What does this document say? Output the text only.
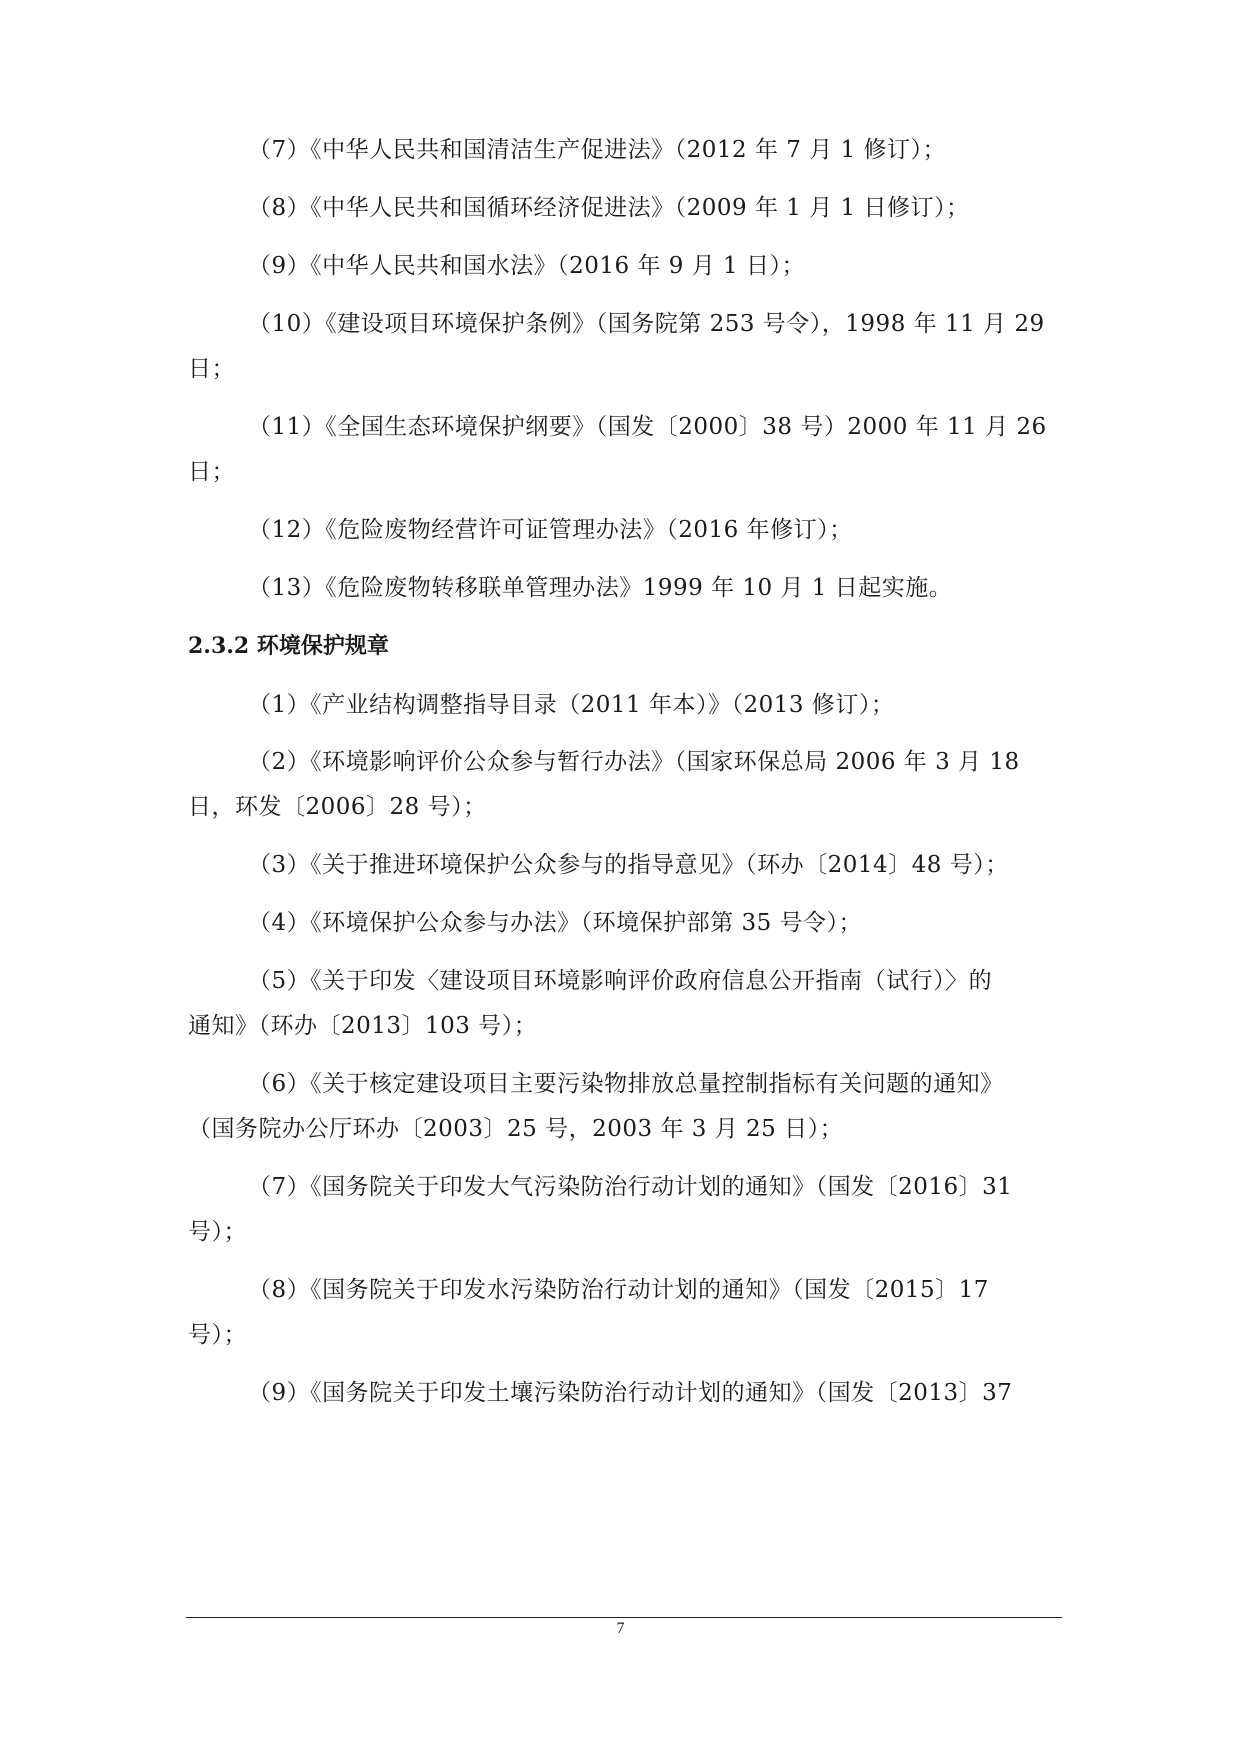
（7）《中华人民共和国清洁生产促进法》（2012 年 7 月 1 修订）；
（8）《中华人民共和国循环经济促进法》（2009 年 1 月 1 日修订）；
（9）《中华人民共和国水法》（2016 年 9 月 1 日）；
（10）《建设项目环境保护条例》（国务院第 253 号令），1998 年 11 月 29
日；
（11）《全国生态环境保护纲要》（国发〔2000〕38 号）2000 年 11 月 26
日；
（12）《危险废物经营许可证管理办法》（2016 年修订）；
（13）《危险废物转移联单管理办法》1999 年 10 月 1 日起实施。
2.3.2 环境保护规章
（1）《产业结构调整指导目录（2011 年本）》（2013 修订）；
（2）《环境影响评价公众参与暂行办法》（国家环保总局 2006 年 3 月 18
日，环发〔2006〕28 号）；
（3）《关于推进环境保护公众参与的指导意见》（环办〔2014〕48 号）；
（4）《环境保护公众参与办法》（环境保护部第 35 号令）；
（5）《关于印发〈建设项目环境影响评价政府信息公开指南（试行）〉的
通知》（环办〔2013〕103 号）；
（6）《关于核定建设项目主要污染物排放总量控制指标有关问题的通知》
（国务院办公厅环办〔2003〕25 号，2003 年 3 月 25 日）；
（7）《国务院关于印发大气污染防治行动计划的通知》（国发〔2016〕31
号）；
（8）《国务院关于印发水污染防治行动计划的通知》（国发〔2015〕17
号）；
（9）《国务院关于印发土壤污染防治行动计划的通知》（国发〔2013〕37
7
